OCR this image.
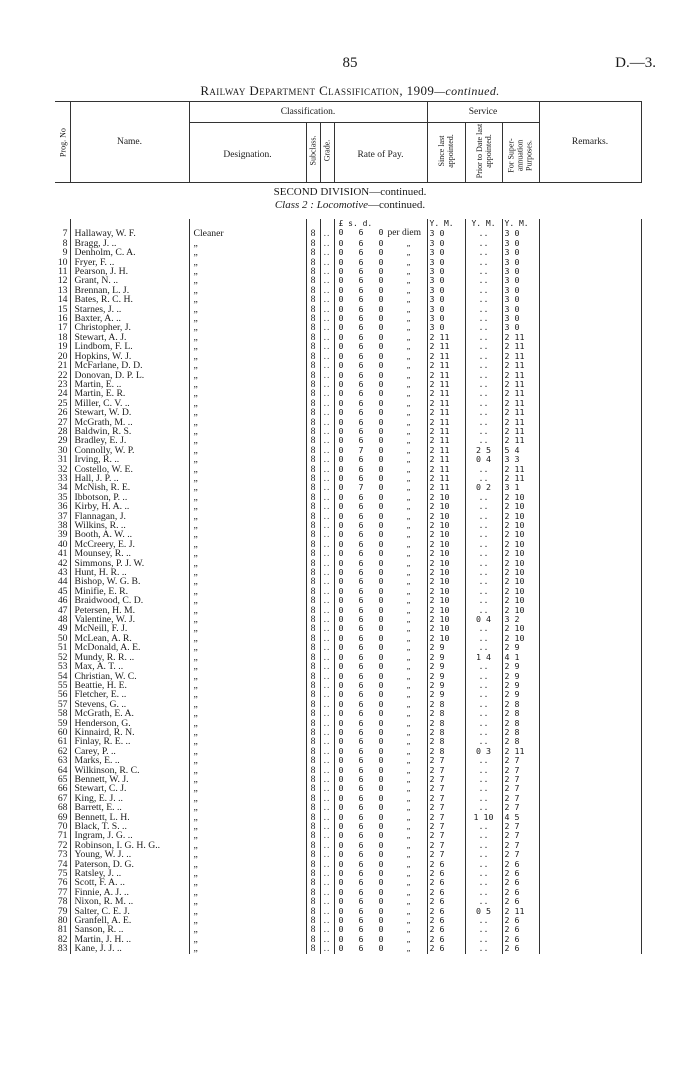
85	D.—3.
Railway Department Classification, 1909—continued.
Prog. No	Name.
Classification.
Designation.	Subclass. Grade.	Rate of Pay.
Service
Since last appointed.	Prior to Date last appointed. For Super-annuation Purposes.	Remarks.
SECOND DIVISION—continued.
Class 2 : Locomotive—continued.
					£ s. d.	Y. M.	Y. M.	Y. M.	
7	Hallaway, W. F.	Cleaner	8	..	0   6   0 per diem	3 0	..	3 0	
8	Bragg, J. ..	„	8	..	0   6   0 „	3 0	..	3 0	
9	Denholm, C. A.	„	8	..	0   6   0 „	3 0	..	3 0	
10	Fryer, F. ..	„	8	..	0   6   0 „	3 0	..	3 0	
11	Pearson, J. H.	„	8	..	0   6   0 „	3 0	..	3 0	
12	Grant, N. ..	„	8	..	0   6   0 „	3 0	..	3 0	
13	Brennan, L. J.	„	8	..	0   6   0 „	3 0	..	3 0	
14	Bates, R. C. H.	„	8	..	0   6   0 „	3 0	..	3 0	
15	Starnes, J. ..	„	8	..	0   6   0 „	3 0	..	3 0	
16	Baxter, A. ..	„	8	..	0   6   0 „	3 0	..	3 0	
17	Christopher, J.	„	8	..	0   6   0 „	3 0	..	3 0	
18	Stewart, A. J.	„	8	..	0   6   0 „	2 11	..	2 11	
19	Lindbom, F. L.	„	8	..	0   6   0 „	2 11	..	2 11	
20	Hopkins, W. J.	„	8	..	0   6   0 „	2 11	..	2 11	
21	McFarlane, D. D.	„	8	..	0   6   0 „	2 11	..	2 11	
22	Donovan, D. P. L.	„	8	..	0   6   0 „	2 11	..	2 11	
23	Martin, E. ..	„	8	..	0   6   0 „	2 11	..	2 11	
24	Martin, E. R.	„	8	..	0   6   0 „	2 11	..	2 11	
25	Miller, C. V. ..	„	8	..	0   6   0 „	2 11	..	2 11	
26	Stewart, W. D.	„	8	..	0   6   0 „	2 11	..	2 11	
27	McGrath, M. ..	„	8	..	0   6   0 „	2 11	..	2 11	
28	Baldwin, R. S.	„	8	..	0   6   0 „	2 11	..	2 11	
29	Bradley, E. J.	„	8	..	0   6   0 „	2 11	..	2 11	
30	Connolly, W. P.	„	8	..	0   7   0 „	2 11	2 5	5 4	
31	Irving, R. ..	„	8	..	0   6   0 „	2 11	0 4	3 3	
32	Costello, W. E.	„	8	..	0   6   0 „	2 11	..	2 11	
33	Hall, J. P. ..	„	8	..	0   6   0 „	2 11	..	2 11	
34	McNish, R. E.	„	8	..	0   7   0 „	2 11	0 2	3 1	
35	Ibbotson, P. ..	„	8	..	0   6   0 „	2 10	..	2 10	
36	Kirby, H. A. ..	„	8	..	0   6   0 „	2 10	..	2 10	
37	Flannagan, J.	„	8	..	0   6   0 „	2 10	..	2 10	
38	Wilkins, R. ..	„	8	..	0   6   0 „	2 10	..	2 10	
39	Booth, A. W. ..	„	8	..	0   6   0 „	2 10	..	2 10	
40	McCreery, E. J.	„	8	..	0   6   0 „	2 10	..	2 10	
41	Mounsey, R. ..	„	8	..	0   6   0 „	2 10	..	2 10	
42	Simmons, P. J. W.	„	8	..	0   6   0 „	2 10	..	2 10	
43	Hunt, H. R. ..	„	8	..	0   6   0 „	2 10	..	2 10	
44	Bishop, W. G. B.	„	8	..	0   6   0 „	2 10	..	2 10	
45	Minifie, E. R.	„	8	..	0   6   0 „	2 10	..	2 10	
46	Braidwood, C. D.	„	8	..	0   6   0 „	2 10	..	2 10	
47	Petersen, H. M.	„	8	..	0   6   0 „	2 10	..	2 10	
48	Valentine, W. J.	„	8	..	0   6   0 „	2 10	0 4	3 2	
49	McNeill, F. J.	„	8	..	0   6   0 „	2 10	..	2 10	
50	McLean, A. R.	„	8	..	0   6   0 „	2 10	..	2 10	
51	McDonald, A. E.	„	8	..	0   6   0 „	2 9	..	2 9	
52	Mundy, R. R. ..	„	8	..	0   6   0 „	2 9	1 4	4 1	
53	Max, A. T. ..	„	8	..	0   6   0 „	2 9	..	2 9	
54	Christian, W. C.	„	8	..	0   6   0 „	2 9	..	2 9	
55	Beattie, H. E.	„	8	..	0   6   0 „	2 9	..	2 9	
56	Fletcher, E. ..	„	8	..	0   6   0 „	2 9	..	2 9	
57	Stevens, G. ..	„	8	..	0   6   0 „	2 8	..	2 8	
58	McGrath, E. A.	„	8	..	0   6   0 „	2 8	..	2 8	
59	Henderson, G.	„	8	..	0   6   0 „	2 8	..	2 8	
60	Kinnaird, R. N.	„	8	..	0   6   0 „	2 8	..	2 8	
61	Finlay, R. E. ..	„	8	..	0   6   0 „	2 8	..	2 8	
62	Carey, P. ..	„	8	..	0   6   0 „	2 8	0 3	2 11	
63	Marks, E. ..	„	8	..	0   6   0 „	2 7	..	2 7	
64	Wilkinson, R. C.	„	8	..	0   6   0 „	2 7	..	2 7	
65	Bennett, W. J.	„	8	..	0   6   0 „	2 7	..	2 7	
66	Stewart, C. J.	„	8	..	0   6   0 „	2 7	..	2 7	
67	King, E. J. ..	„	8	..	0   6   0 „	2 7	..	2 7	
68	Barrett, E. ..	„	8	..	0   6   0 „	2 7	..	2 7	
69	Bennett, L. H.	„	8	..	0   6   0 „	2 7	1 10	4 5	
70	Black, T. S. ..	„	8	..	0   6   0 „	2 7	..	2 7	
71	Ingram, J. G. ..	„	8	..	0   6   0 „	2 7	..	2 7	
72	Robinson, I. G. H. G..	„	8	..	0   6   0 „	2 7	..	2 7	
73	Young, W. J. ..	„	8	..	0   6   0 „	2 7	..	2 7	
74	Paterson, D. G.	„	8	..	0   6   0 „	2 6	..	2 6	
75	Ratsley, J. ..	„	8	..	0   6   0 „	2 6	..	2 6	
76	Scott, F. A. ..	„	8	..	0   6   0 „	2 6	..	2 6	
77	Finnie, A. J. ..	„	8	..	0   6   0 „	2 6	..	2 6	
78	Nixon, R. M. ..	„	8	..	0   6   0 „	2 6	..	2 6	
79	Salter, C. E. J.	„	8	..	0   6   0 „	2 6	0 5	2 11	
80	Granfell, A. E.	„	8	..	0   6   0 „	2 6	..	2 6	
81	Sanson, R. ..	„	8	..	0   6   0 „	2 6	..	2 6	
82	Martin, J. H. ..	„	8	..	0   6   0 „	2 6	..	2 6	
83	Kane, J. J. ..	„	8	..	0   6   0 „	2 6	..	2 6	
